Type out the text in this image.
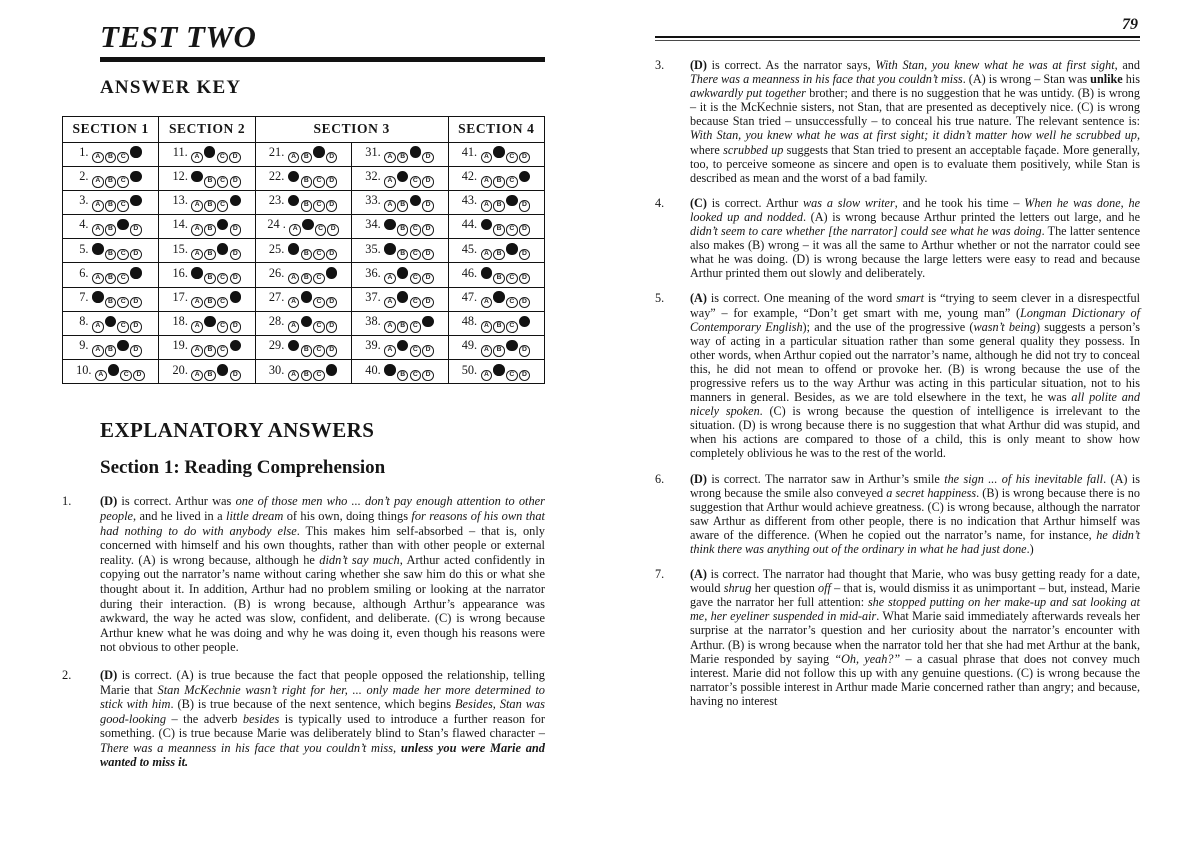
TEST TWO
ANSWER KEY
SECTION 1	SECTION 2	SECTION 3		SECTION 4
1. A B C	11. A C D	21. A B D	31. A B D	41. A C D
2. A B C	12. B C D	22. B C D	32. A C D	42. A B C
3. A B C	13. A B C	23. B C D	33. A B D	43. A B D
4. A B D	14. A B D	24 . A C D	34. B C D	44. B C D
5. B C D	15. A B D	25. B C D	35. B C D	45. A B D
6. A B C	16. B C D	26. A B C	36. A C D	46. B C D
7. B C D	17. A B C	27. A C D	37. A C D	47. A C D
8. A C D	18. A C D	28. A C D	38. A B C	48. A B C
9. A B D	19. A B C	29. B C D	39. A C D	49. A B D
10. A C D	20. A B D	30. A B C	40. B C D	50. A C D
EXPLANATORY ANSWERS
Section 1: Reading Comprehension
1.	(D) is correct. Arthur was one of those men who ... don’t pay enough attention to other people, and he lived in a little dream of his own, doing things for reasons of his own that had nothing to do with anybody else. This makes him self-absorbed – that is, only concerned with himself and his own thoughts, rather than with other people or external reality. (A) is wrong because, although he didn’t say much, Arthur acted confidently in copying out the narrator’s name without caring whether she saw him do this or what she thought about it. In addition, Arthur had no problem smiling or looking at the narrator during their interaction. (B) is wrong because, although Arthur’s appearance was awkward, the way he acted was slow, confident, and deliberate. (C) is wrong because Arthur knew what he was doing and why he was doing it, even though his reasons were not obvious to other people.
2.	(D) is correct. (A) is true because the fact that people opposed the relationship, telling Marie that Stan McKechnie wasn’t right for her, ... only made her more determined to stick with him. (B) is true because of the next sentence, which begins Besides, Stan was good-looking – the adverb besides is typically used to introduce a further reason for something. (C) is true because Marie was deliberately blind to Stan’s flawed character – There was a meanness in his face that you couldn’t miss, unless you were Marie and wanted to miss it.
79
3.	(D) is correct. As the narrator says, With Stan, you knew what he was at first sight, and There was a meanness in his face that you couldn’t miss. (A) is wrong – Stan was unlike his awkwardly put together brother; and there is no suggestion that he was untidy. (B) is wrong – it is the McKechnie sisters, not Stan, that are presented as deceptively nice. (C) is wrong because Stan tried – unsuccessfully – to conceal his true nature. The relevant sentence is: With Stan, you knew what he was at first sight; it didn’t matter how well he scrubbed up, where scrubbed up suggests that Stan tried to present an acceptable façade. More generally, too, to perceive someone as sincere and open is to evaluate them positively, while Stan is described as mean and the worst of a bad family.
4.	(C) is correct. Arthur was a slow writer, and he took his time – When he was done, he looked up and nodded. (A) is wrong because Arthur printed the letters out large, and he didn’t seem to care whether [the narrator] could see what he was doing. The latter sentence also makes (B) wrong – it was all the same to Arthur whether or not the narrator could see what he was doing. (D) is wrong because the large letters were easy to read and because Arthur printed them out slowly and deliberately.
5.	(A) is correct. One meaning of the word smart is “trying to seem clever in a disrespectful way” – for example, “Don’t get smart with me, young man” (Longman Dictionary of Contemporary English); and the use of the progressive (wasn’t being) suggests a person’s way of acting in a particular situation rather than some general quality they possess. In other words, when Arthur copied out the narrator’s name, although he did not try to conceal this, he did not mean to offend or provoke her. (B) is wrong because the use of the progressive refers us to the way Arthur was acting in this particular situation, not to his manners in general. Besides, as we are told elsewhere in the text, he was all polite and nicely spoken. (C) is wrong because the question of intelligence is irrelevant to the situation. (D) is wrong because there is no suggestion that what Arthur did was stupid, and when his actions are compared to those of a child, this is only meant to show how completely oblivious he was to the rest of the world.
6.	(D) is correct. The narrator saw in Arthur’s smile the sign ... of his inevitable fall. (A) is wrong because the smile also conveyed a secret happiness. (B) is wrong because there is no suggestion that Arthur would achieve greatness. (C) is wrong because, although the narrator saw Arthur as different from other people, there is no indication that Arthur himself was aware of the difference. (When he copied out the narrator’s name, for instance, he didn’t think there was anything out of the ordinary in what he had just done.)
7.	(A) is correct. The narrator had thought that Marie, who was busy getting ready for a date, would shrug her question off – that is, would dismiss it as unimportant – but, instead, Marie gave the narrator her full attention: she stopped putting on her make-up and sat looking at me, her eyeliner suspended in mid-air. What Marie said immediately afterwards reveals her surprise at the narrator’s question and her curiosity about the narrator’s encounter with Arthur. (B) is wrong because when the narrator told her that she had met Arthur at the bank, Marie responded by saying “Oh, yeah?” – a casual phrase that does not convey much interest. Marie did not follow this up with any genuine questions. (C) is wrong because the narrator’s possible interest in Arthur made Marie concerned rather than angry; and because, having no interest
